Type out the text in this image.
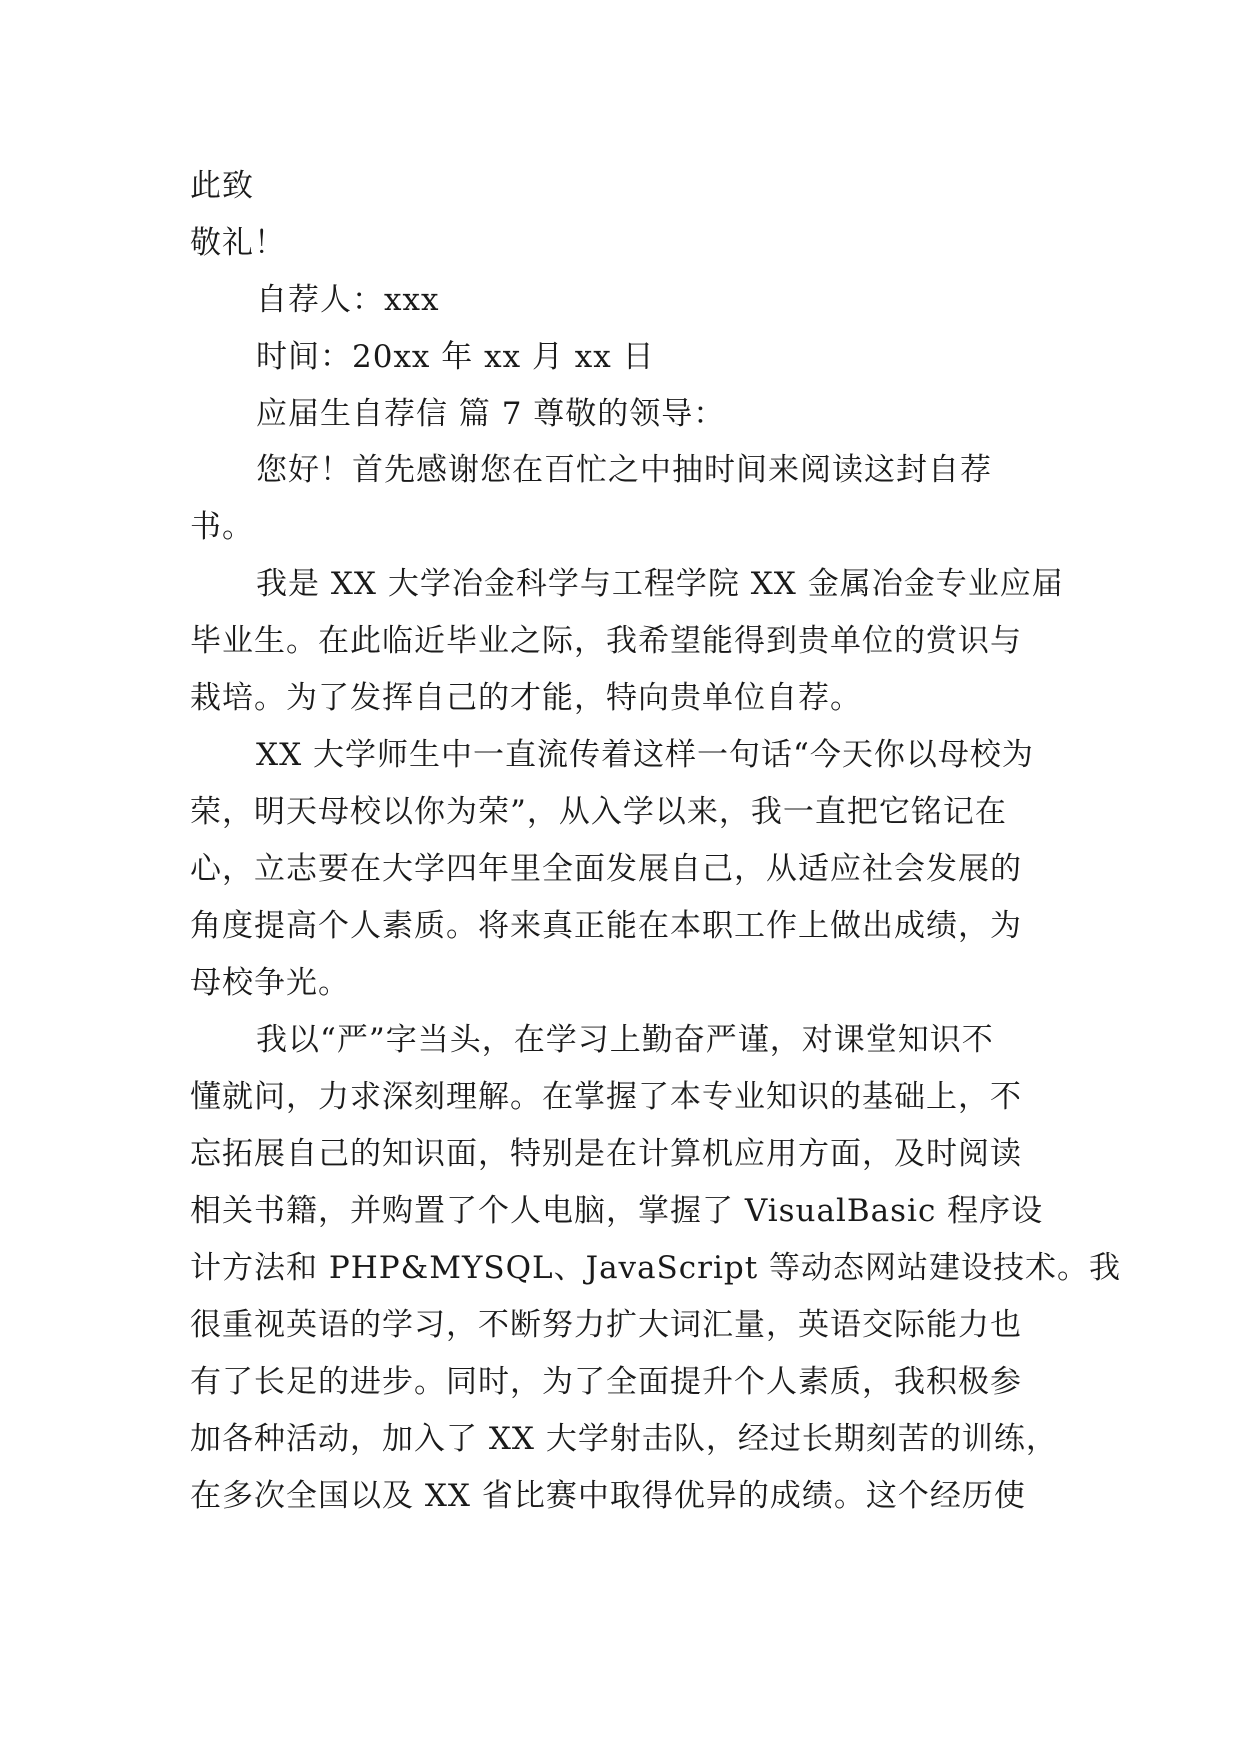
此致
敬礼！
自荐人：xxx
时间：20xx 年 xx 月 xx 日
应届生自荐信 篇 7 尊敬的领导：
您好！首先感谢您在百忙之中抽时间来阅读这封自荐
书。
我是 XX 大学冶金科学与工程学院 XX 金属冶金专业应届
毕业生。在此临近毕业之际，我希望能得到贵单位的赏识与
栽培。为了发挥自己的才能，特向贵单位自荐。
XX 大学师生中一直流传着这样一句话“今天你以母校为
荣，明天母校以你为荣”，从入学以来，我一直把它铭记在
心，立志要在大学四年里全面发展自己，从适应社会发展的
角度提高个人素质。将来真正能在本职工作上做出成绩，为
母校争光。
我以“严”字当头，在学习上勤奋严谨，对课堂知识不
懂就问，力求深刻理解。在掌握了本专业知识的基础上，不
忘拓展自己的知识面，特别是在计算机应用方面，及时阅读
相关书籍，并购置了个人电脑，掌握了 VisualBasic 程序设
计方法和 PHP&MYSQL、JavaScript 等动态网站建设技术。我
很重视英语的学习，不断努力扩大词汇量，英语交际能力也
有了长足的进步。同时，为了全面提升个人素质，我积极参
加各种活动，加入了 XX 大学射击队，经过长期刻苦的训练，
在多次全国以及 XX 省比赛中取得优异的成绩。这个经历使
